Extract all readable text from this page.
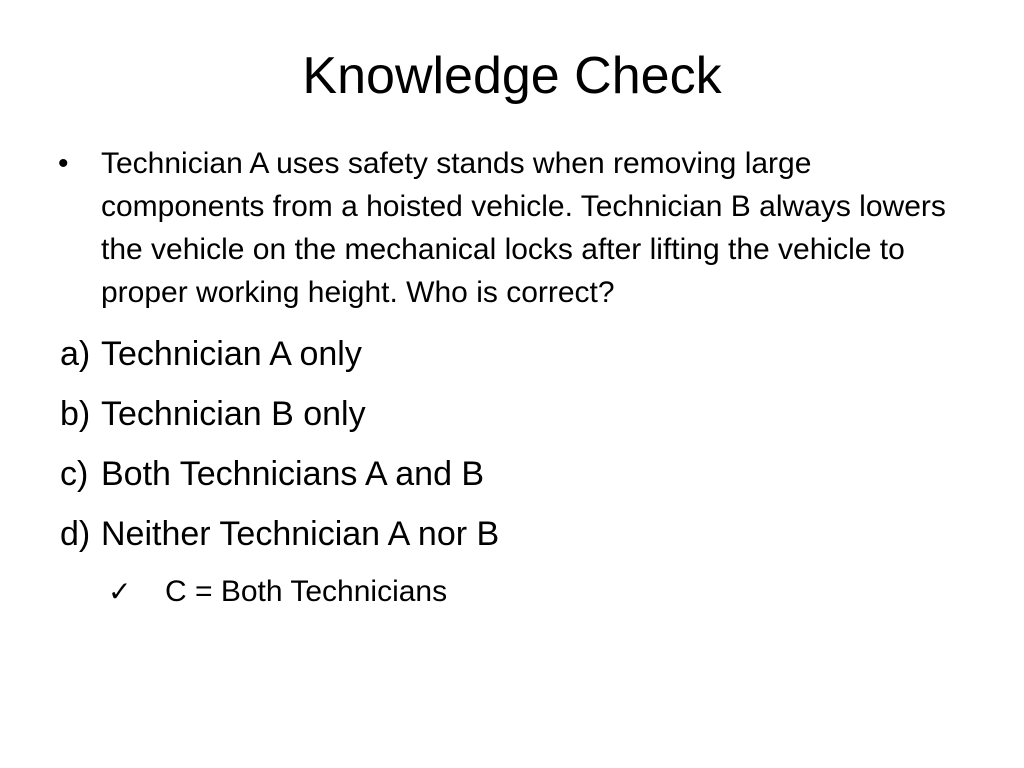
Knowledge Check
• Technician A uses safety stands when removing large components from a hoisted vehicle. Technician B always lowers the vehicle on the mechanical locks after lifting the vehicle to proper working height. Who is correct?
a) Technician A only
b) Technician B only
c) Both Technicians A and B
d) Neither Technician A nor B
✓ C = Both Technicians
